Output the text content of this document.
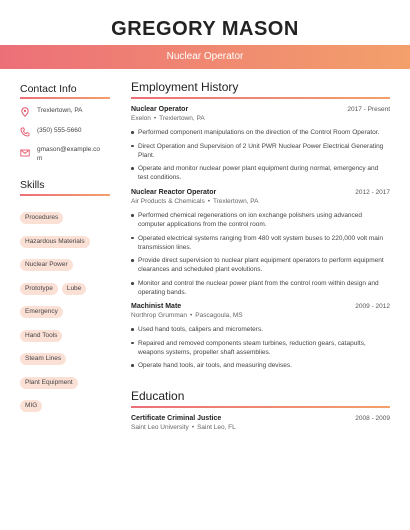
GREGORY MASON
Nuclear Operator
Contact Info
Trexlertown, PA
(350) 555-5660
gmason@example.com
Skills
Procedures
Hazardous Materials
Nuclear Power
Prototype Lube
Emergency
Hand Tools
Steam Lines
Plant Equipment
MIG
Employment History
Nuclear Operator	2017 - Present
Exelon • Trexlertown, PA
Performed component manipulations on the direction of the Control Room Operator.
Direct Operation and Supervision of 2 Unit PWR Nuclear Power Electrical Generating Plant.
Operate and monitor nuclear power plant equipment during normal, emergency and test conditions.
Nuclear Reactor Operator	2012 - 2017
Air Products & Chemicals • Trexlertown, PA
Performed chemical regenerations on ion exchange polishers using advanced computer applications from the control room.
Operated electrical systems ranging from 480 volt system buses to 220,000 volt main transmission lines.
Provide direct supervision to nuclear plant equipment operators to perform equipment clearances and scheduled plant evolutions.
Monitor and control the nuclear power plant from the control room within design and operating bands.
Machinist Mate	2009 - 2012
Northrop Grumman • Pascagoula, MS
Used hand tools, calipers and micrometers.
Repaired and removed components steam turbines, reduction gears, catapults, weapons systems, propeller shaft assemblies.
Operate hand tools, air tools, and measuring devises.
Education
Certificate Criminal Justice	2008 - 2009
Saint Leo University • Saint Leo, FL
